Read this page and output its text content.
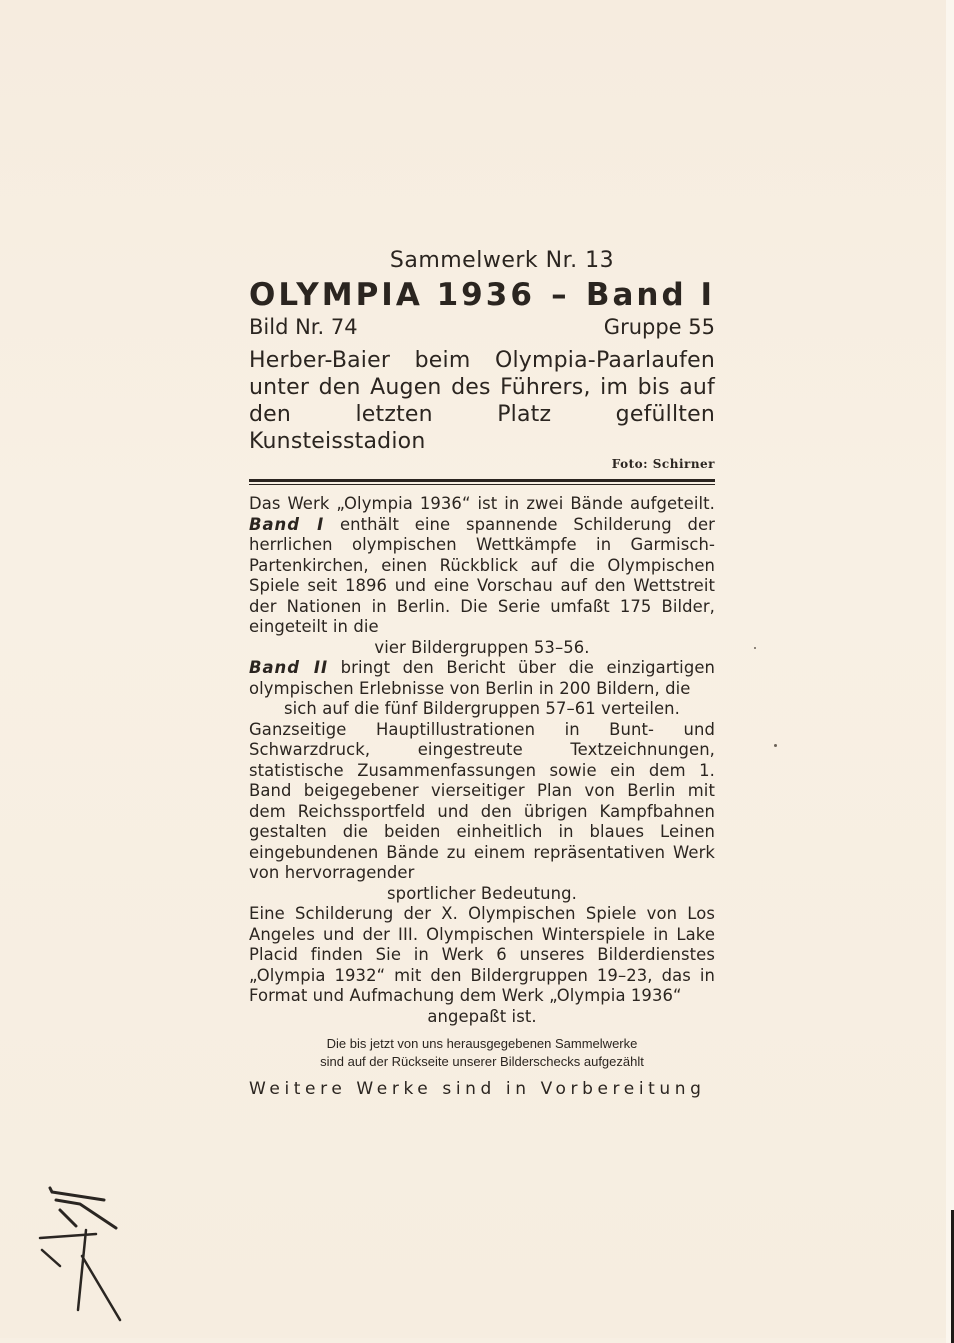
Sammelwerk Nr. 13
OLYMPIA 1936 – Band I
Bild Nr. 74	Gruppe 55
Herber-Baier beim Olympia-Paarlaufen unter den Augen des Führers, im bis auf den letzten Platz gefüllten Kunsteisstadion
Foto: Schirner

Das Werk „Olympia 1936“ ist in zwei Bände aufgeteilt. Band I enthält eine spannende Schilderung der herrlichen olympischen Wettkämpfe in Garmisch-Partenkirchen, einen Rückblick auf die Olympischen Spiele seit 1896 und eine Vorschau auf den Wettstreit der Nationen in Berlin. Die Serie umfaßt 175 Bilder, eingeteilt in die

vier Bildergruppen 53–56.

Band II bringt den Bericht über die einzigartigen olympischen Erlebnisse von Berlin in 200 Bildern, die

sich auf die fünf Bildergruppen 57–61 verteilen.

Ganzseitige Hauptillustrationen in Bunt- und Schwarzdruck, eingestreute Textzeichnungen, statistische Zusammenfassungen sowie ein dem 1. Band beigegebener vierseitiger Plan von Berlin mit dem Reichssportfeld und den übrigen Kampfbahnen gestalten die beiden einheitlich in blaues Leinen eingebundenen Bände zu einem repräsentativen Werk von hervorragender

sportlicher Bedeutung.

Eine Schilderung der X. Olympischen Spiele von Los Angeles und der III. Olympischen Winterspiele in Lake Placid finden Sie in Werk 6 unseres Bilderdienstes „Olympia 1932“ mit den Bildergruppen 19–23, das in Format und Aufmachung dem Werk „Olympia 1936“

angepaßt ist.

Die bis jetzt von uns herausgegebenen Sammelwerke
sind auf der Rückseite unserer Bilderschecks aufgezählt
Weitere Werke sind in Vorbereitung
